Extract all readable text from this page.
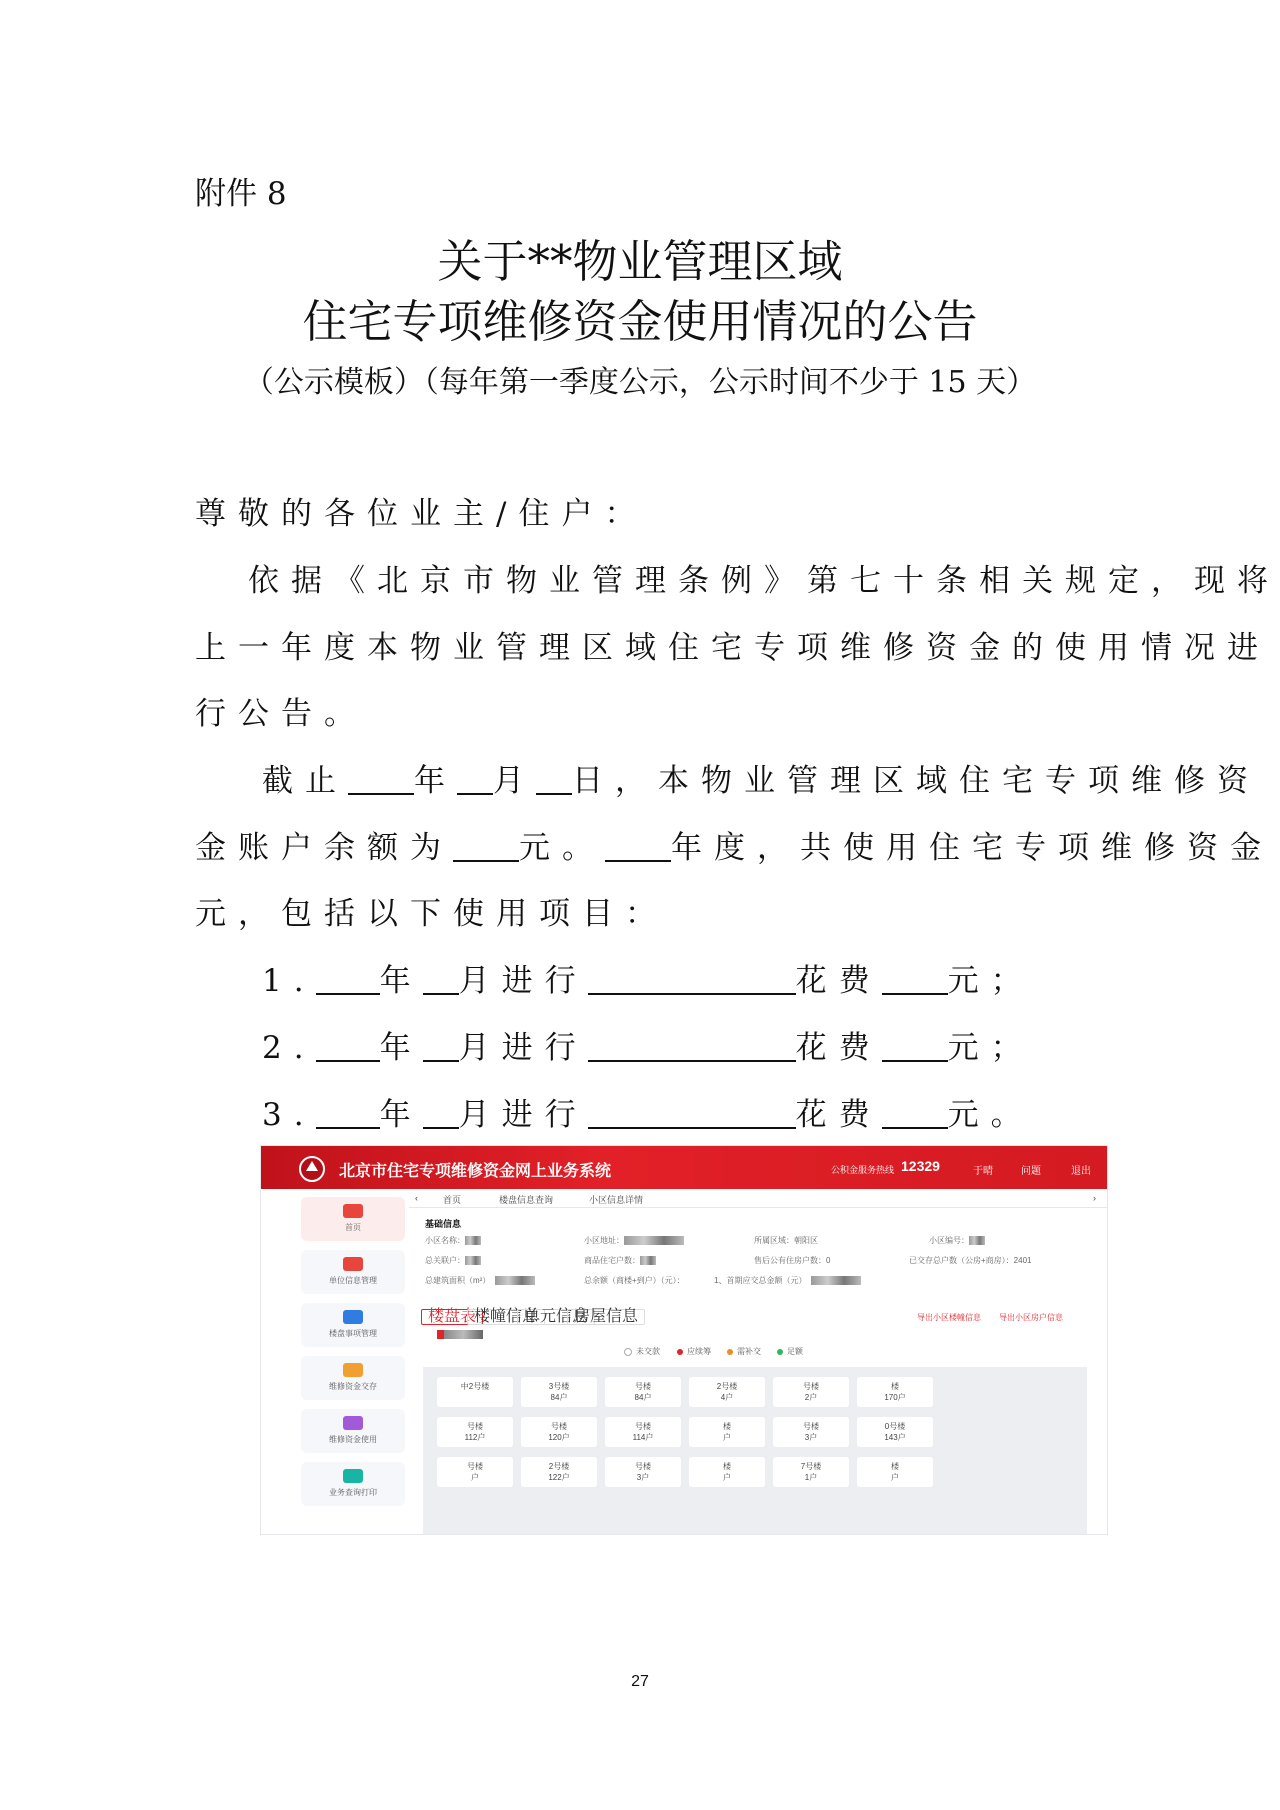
附件 8
关于**物业管理区域
住宅专项维修资金使用情况的公告
（公示模板）（每年第一季度公示，公示时间不少于 15 天）
尊敬的各位业主/住户：
依据《北京市物业管理条例》第七十条相关规定，现将
上一年度本物业管理区域住宅专项维修资金的使用情况进
行公告。
截止 年 月 日，本物业管理区域住宅专项维修资
金账户余额为 元。 年度，共使用住宅专项维修资金
元，包括以下使用项目：
1. 年 月进行	花费 元；
2. 年 月进行	花费 元；
3. 年 月进行	花费 元。
北京市住宅专项维修资金网上业务系统	公积金服务热线 12329	于晴	问题	退出
首页
单位信息管理
楼盘事项管理
维修资金交存
维修资金使用
业务查询打印
‹	首页	楼盘信息查询	小区信息详情	›
基础信息
小区名称：	小区地址：	所属区域：朝阳区	小区编号：
总关联户：	商品住宅户数：	售后公有住房户数：0	已交存总户数（公房+商房）：2401
总建筑面积（m²）	总余额（商楼+到户）（元）：	1、首期应交总金额（元）
楼盘表
楼幢信息
单元信息
房屋信息	导出小区楼幢信息 导出小区房户信息
未交款	应续筹	需补交	足额
中2号楼	3号楼
84户
号楼
84户
2号楼
4户
号楼
2户
楼
170户
号楼
112户
号楼
120户
号楼
114户
楼
户
号楼
3户
0号楼
143户
号楼
户
2号楼
122户
号楼
3户
楼
户
7号楼
1户
楼
户
27
